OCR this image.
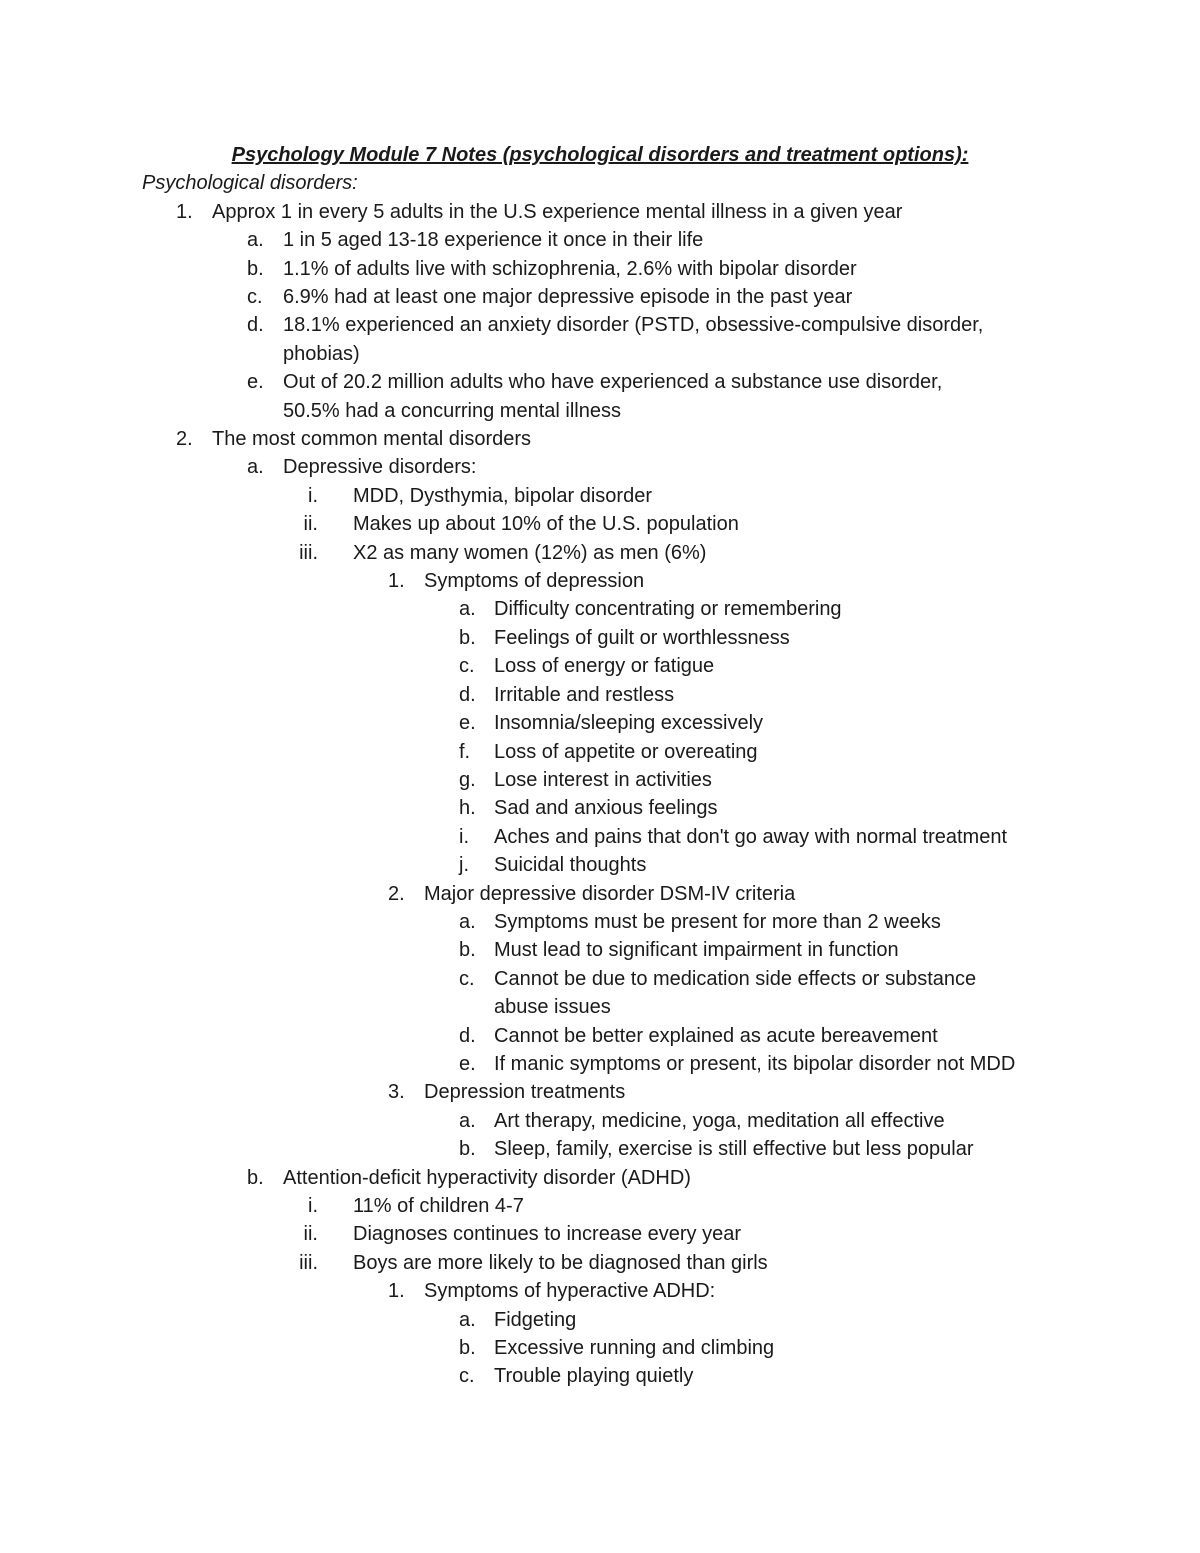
Psychology Module 7 Notes (psychological disorders and treatment options):
Psychological disorders:
1. Approx 1 in every 5 adults in the U.S experience mental illness in a given year
a. 1 in 5 aged 13-18 experience it once in their life
b. 1.1% of adults live with schizophrenia, 2.6% with bipolar disorder
c.	6.9% had at least one major depressive episode in the past year
d. 18.1% experienced an anxiety disorder (PSTD, obsessive-compulsive disorder,
phobias)
e. Out of 20.2 million adults who have experienced a substance use disorder,
50.5% had a concurring mental illness
2. The most common mental disorders
a. Depressive disorders:
i.	MDD, Dysthymia, bipolar disorder
ii.	Makes up about 10% of the U.S. population
iii.	X2 as many women (12%) as men (6%)
1. Symptoms of depression
a. Difficulty concentrating or remembering
b. Feelings of guilt or worthlessness
c. Loss of energy or fatigue
d. Irritable and restless
e. Insomnia/sleeping excessively
f.	Loss of appetite or overeating
g. Lose interest in activities
h. Sad and anxious feelings
i.	Aches and pains that don't go away with normal treatment
j.	Suicidal thoughts
2. Major depressive disorder DSM-IV criteria
a. Symptoms must be present for more than 2 weeks
b. Must lead to significant impairment in function
c. Cannot be due to medication side effects or substance
abuse issues
d. Cannot be better explained as acute bereavement
e. If manic symptoms or present, its bipolar disorder not MDD
3. Depression treatments
a. Art therapy, medicine, yoga, meditation all effective
b. Sleep, family, exercise is still effective but less popular
b. Attention-deficit hyperactivity disorder (ADHD)
i.	11% of children 4-7
ii.	Diagnoses continues to increase every year
iii.	Boys are more likely to be diagnosed than girls
1. Symptoms of hyperactive ADHD:
a. Fidgeting
b. Excessive running and climbing
c. Trouble playing quietly
